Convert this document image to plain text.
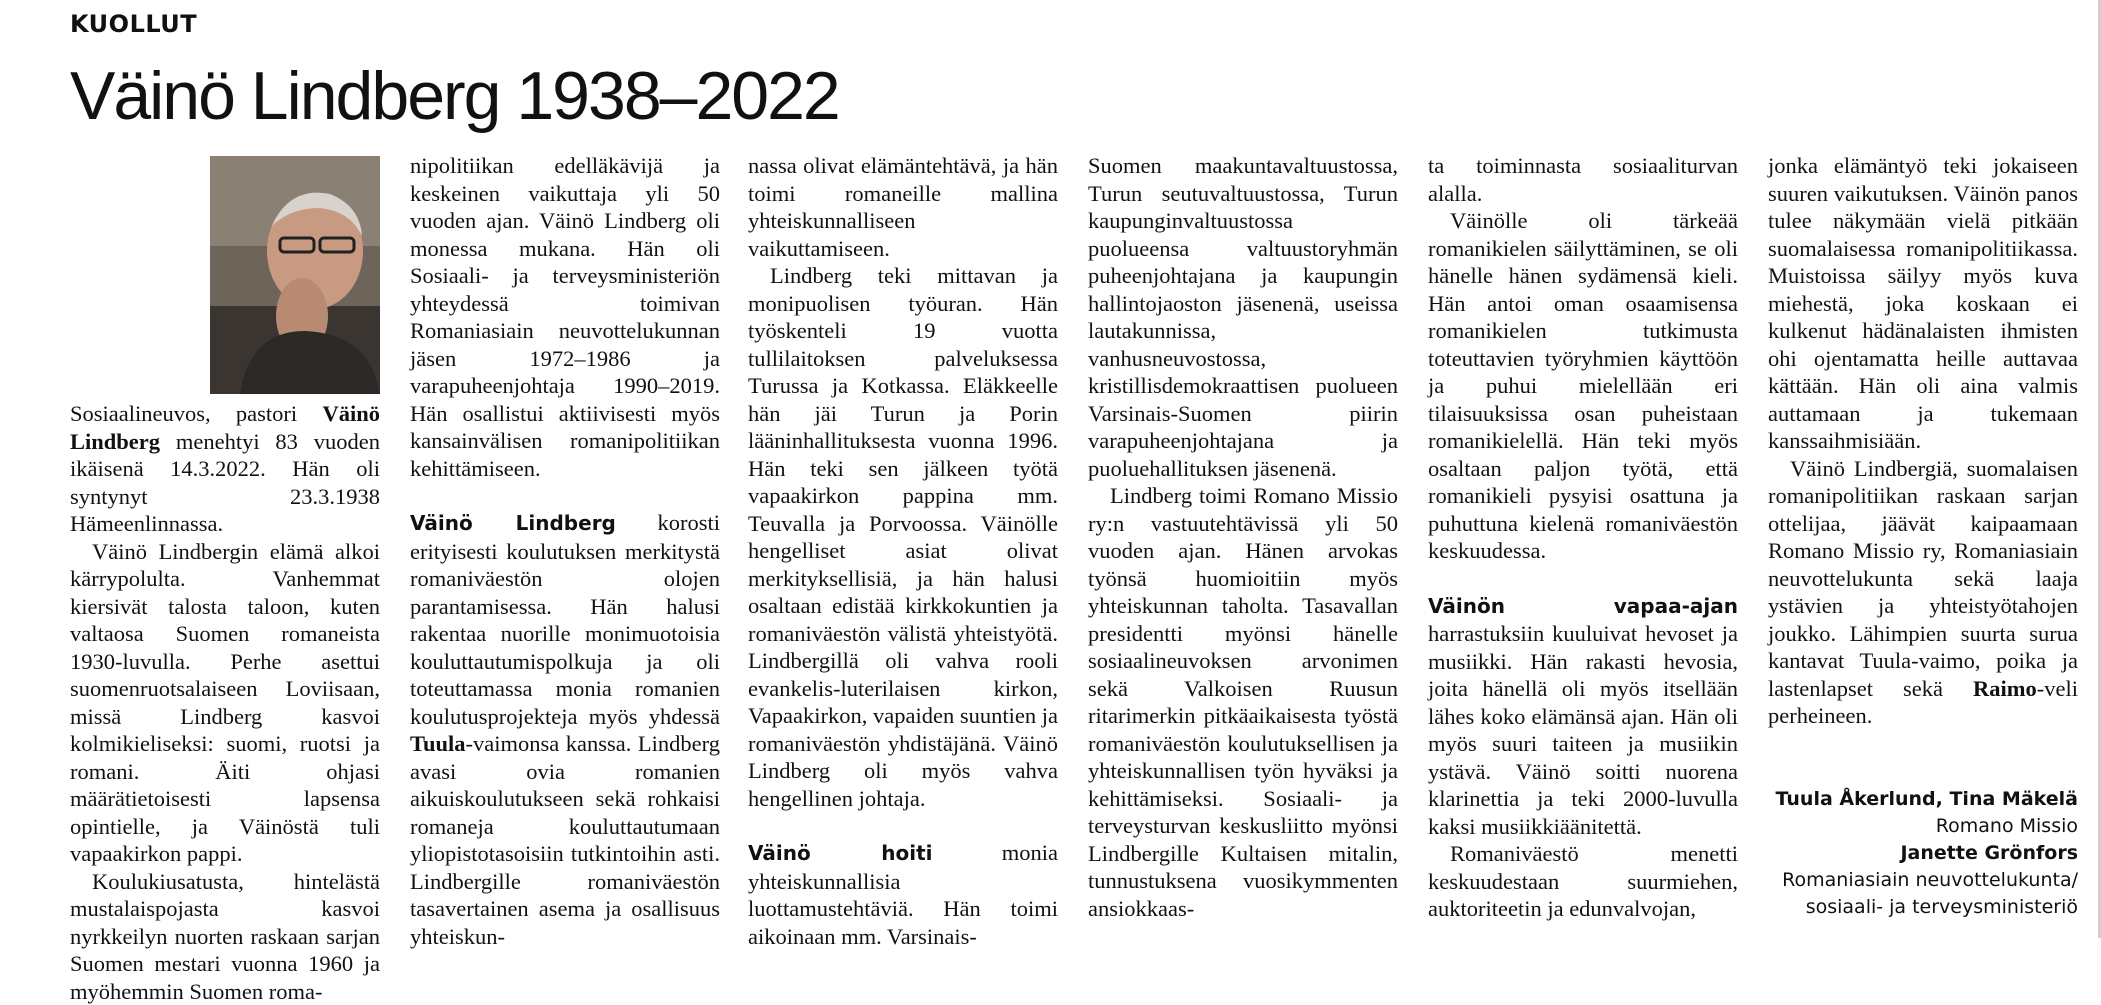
KUOLLUT
Väinö Lindberg 1938–2022

Sosiaalineuvos, pastori Väinö Lindberg menehtyi 83 vuoden ikäisenä 14.3.2022. Hän oli syntynyt 23.3.1938 Hämeenlinnassa.

Väinö Lindbergin elämä alkoi kärrypolulta. Vanhemmat kiersivät talosta taloon, kuten valtaosa Suomen romaneista 1930-luvulla. Perhe asettui suomenruotsalaiseen Loviisaan, missä Lindberg kasvoi kolmikieliseksi: suomi, ruotsi ja romani. Äiti ohjasi määrätietoisesti lapsensa opintielle, ja Väinöstä tuli vapaakirkon pappi.

Koulukiusatusta, hintelästä mustalaispojasta kasvoi nyrkkeilyn nuorten raskaan sarjan Suomen mestari vuonna 1960 ja myöhemmin Suomen roma-

nipolitiikan edelläkävijä ja keskeinen vaikuttaja yli 50 vuoden ajan. Väinö Lindberg oli monessa mukana. Hän oli Sosiaali- ja terveysministeriön yhteydessä toimivan Romaniasiain neuvottelukunnan jäsen 1972–1986 ja varapuheenjohtaja 1990–2019. Hän osallistui aktiivisesti myös kansainvälisen romanipolitiikan kehittämiseen.

Väinö Lindberg korosti erityisesti koulutuksen merkitystä romaniväestön olojen parantamisessa. Hän halusi rakentaa nuorille monimuotoisia kouluttautumispolkuja ja oli toteuttamassa monia romanien koulutusprojekteja myös yhdessä Tuula-vaimonsa kanssa. Lindberg avasi ovia romanien aikuiskoulutukseen sekä rohkaisi romaneja kouluttautumaan yliopistotasoisiin tutkintoihin asti. Lindbergille romaniväestön tasavertainen asema ja osallisuus yhteiskun-

nassa olivat elämäntehtävä, ja hän toimi romaneille mallina yhteiskunnalliseen vaikuttamiseen.

Lindberg teki mittavan ja monipuolisen työuran. Hän työskenteli 19 vuotta tullilaitoksen palveluksessa Turussa ja Kotkassa. Eläkkeelle hän jäi Turun ja Porin lääninhallituksesta vuonna 1996. Hän teki sen jälkeen työtä vapaakirkon pappina mm. Teuvalla ja Porvoossa. Väinölle hengelliset asiat olivat merkityksellisiä, ja hän halusi osaltaan edistää kirkkokuntien ja romaniväestön välistä yhteistyötä. Lindbergillä oli vahva rooli evankelis-luterilaisen kirkon, Vapaakirkon, vapaiden suuntien ja romaniväestön yhdistäjänä. Väinö Lindberg oli myös vahva hengellinen johtaja.

Väinö hoiti monia yhteiskunnallisia luottamustehtäviä. Hän toimi aikoinaan mm. Varsinais-

Suomen maakuntavaltuustossa, Turun seutuvaltuustossa, Turun kaupunginvaltuustossa puolueensa valtuustoryhmän puheenjohtajana ja kaupungin hallintojaoston jäsenenä, useissa lautakunnissa, vanhusneuvostossa, kristillisdemokraattisen puolueen Varsinais-Suomen piirin varapuheenjohtajana ja puoluehallituksen jäsenenä.

Lindberg toimi Romano Missio ry:n vastuutehtävissä yli 50 vuoden ajan. Hänen arvokas työnsä huomioitiin myös yhteiskunnan taholta. Tasavallan presidentti myönsi hänelle sosiaalineuvoksen arvonimen sekä Valkoisen Ruusun ritarimerkin pitkäaikaisesta työstä romaniväestön koulutuksellisen ja yhteiskunnallisen työn hyväksi ja kehittämiseksi. Sosiaali- ja terveysturvan keskusliitto myönsi Lindbergille Kultaisen mitalin, tunnustuksena vuosikymmenten ansiokkaas-

ta toiminnasta sosiaaliturvan alalla.

Väinölle oli tärkeää romanikielen säilyttäminen, se oli hänelle hänen sydämensä kieli. Hän antoi oman osaamisensa romanikielen tutkimusta toteuttavien työryhmien käyttöön ja puhui mielellään eri tilaisuuksissa osan puheistaan romanikielellä. Hän teki myös osaltaan paljon työtä, että romanikieli pysyisi osattuna ja puhuttuna kielenä romaniväestön keskuudessa.

Väinön vapaa-ajan harrastuksiin kuuluivat hevoset ja musiikki. Hän rakasti hevosia, joita hänellä oli myös itsellään lähes koko elämänsä ajan. Hän oli myös suuri taiteen ja musiikin ystävä. Väinö soitti nuorena klarinettia ja teki 2000-luvulla kaksi musiikkiäänitettä.

Romaniväestö menetti keskuudestaan suurmiehen, auktoriteetin ja edunvalvojan,

jonka elämäntyö teki jokaiseen suuren vaikutuksen. Väinön panos tulee näkymään vielä pitkään suomalaisessa romanipolitiikassa. Muistoissa säilyy myös kuva miehestä, joka koskaan ei kulkenut hädänalaisten ihmisten ohi ojentamatta heille auttavaa kättään. Hän oli aina valmis auttamaan ja tukemaan kanssaihmisiään.

Väinö Lindbergiä, suomalaisen romanipolitiikan raskaan sarjan ottelijaa, jäävät kaipaamaan Romano Missio ry, Romaniasiain neuvottelukunta sekä laaja ystävien ja yhteistyötahojen joukko. Lähimpien suurta surua kantavat Tuula-vaimo, poika ja lastenlapset sekä Raimo-veli perheineen.

Tuula Åkerlund, Tina Mäkelä
Romano Missio
Janette Grönfors
Romaniasiain neuvottelukunta/
sosiaali- ja terveysministeriö
